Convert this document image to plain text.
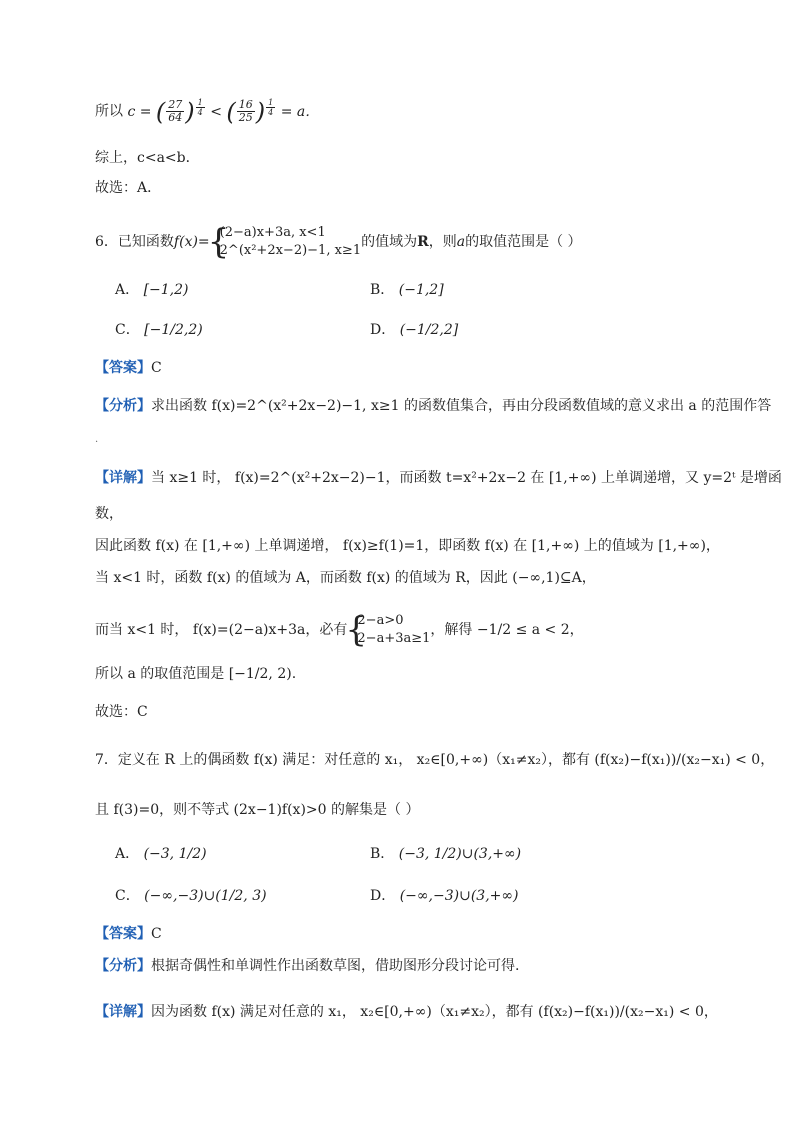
所以 c = ( $\frac{27}{64}$ ) $^{\frac{1}{4}}$ < ( $\frac{16}{25}$ ) $^{\frac{1}{4}}$ = a．
综上，c<a<b．
故选：A．
6．已知函数f(x)=
{ (2−a)x+3a, x<1
2^(x²+2x−2)−1, x≥1
的值域为R，则a的取值范围是（ ）
A． [−1,2)	B． (−1,2]
C． [−1/2,2)	D． (−1/2,2]
【答案】C
【分析】求出函数 f(x)=2^(x²+2x−2)−1, x≥1 的函数值集合，再由分段函数值域的意义求出 a 的范围作答
.
【详解】当 x≥1 时， f(x)=2^(x²+2x−2)−1，而函数 t=x²+2x−2 在 [1,+∞) 上单调递增，又 y=2ᵗ 是增函
数，
因此函数 f(x) 在 [1,+∞) 上单调递增， f(x)≥f(1)=1，即函数 f(x) 在 [1,+∞) 上的值域为 [1,+∞)，
当 x<1 时，函数 f(x) 的值域为 A，而函数 f(x) 的值域为 R，因此 (−∞,1)⊆A，
而当 x<1 时， f(x)=(2−a)x+3a，必有
{ 2−a>0
2−a+3a≥1
，解得 −1/2 ≤ a < 2，
所以 a 的取值范围是 [−1/2, 2).
故选：C
7．定义在 R 上的偶函数 f(x) 满足：对任意的 x₁， x₂∈[0,+∞)（x₁≠x₂），都有 (f(x₂)−f(x₁))/(x₂−x₁) < 0，
且 f(3)=0，则不等式 (2x−1)f(x)>0 的解集是（ ）
A． (−3, 1/2)	B． (−3, 1/2)∪(3,+∞)
C． (−∞,−3)∪(1/2, 3)	D． (−∞,−3)∪(3,+∞)
【答案】C
【分析】根据奇偶性和单调性作出函数草图，借助图形分段讨论可得.
【详解】因为函数 f(x) 满足对任意的 x₁， x₂∈[0,+∞)（x₁≠x₂），都有 (f(x₂)−f(x₁))/(x₂−x₁) < 0，
